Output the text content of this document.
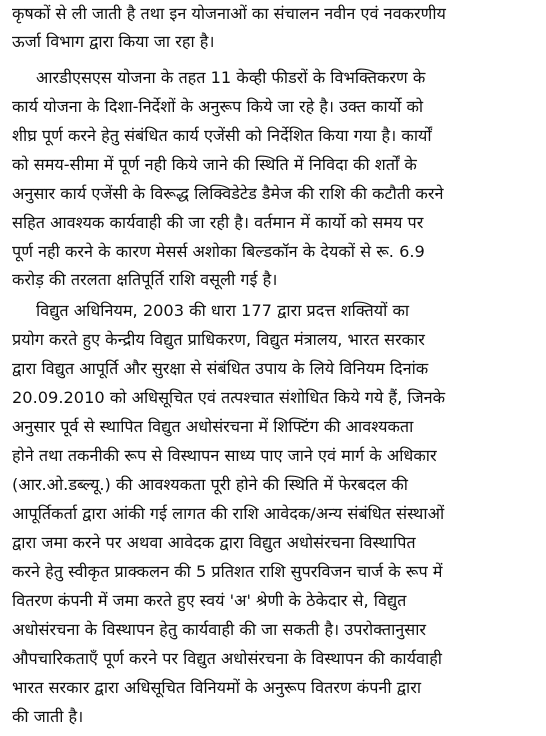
कृषकों से ली जाती है तथा इन योजनाओं का संचालन नवीन एवं नवकरणीय
ऊर्जा विभाग द्वारा किया जा रहा है।
आरडीएसएस योजना के तहत 11 केव्ही फीडरों के विभक्तिकरण के
कार्य योजना के दिशा-निर्देशों के अनुरूप किये जा रहे है। उक्त कार्यो को
शीघ्र पूर्ण करने हेतु संबंधित कार्य एजेंसी को निर्देशित किया गया है। कार्यों
को समय-सीमा में पूर्ण नही किये जाने की स्थिति में निविदा की शर्तों के
अनुसार कार्य एजेंसी के विरूद्ध लिक्विडेटेड डैमेज की राशि की कटौती करने
सहित आवश्यक कार्यवाही की जा रही है। वर्तमान में कार्यो को समय पर
पूर्ण नही करने के कारण मेसर्स अशोका बिल्डकॉन के देयकों से रू. 6.9
करोड़ की तरलता क्षतिपूर्ति राशि वसूली गई है।
विद्युत अधिनियम, 2003 की धारा 177 द्वारा प्रदत्त शक्तियों का
प्रयोग करते हुए केन्द्रीय विद्युत प्राधिकरण, विद्युत मंत्रालय, भारत सरकार
द्वारा विद्युत आपूर्ति और सुरक्षा से संबंधित उपाय के लिये विनियम दिनांक
20.09.2010 को अधिसूचित एवं तत्पश्चात संशोधित किये गये हैं, जिनके
अनुसार पूर्व से स्थापित विद्युत अधोसंरचना में शिफ्टिंग की आवश्यकता
होने तथा तकनीकी रूप से विस्थापन साध्य पाए जाने एवं मार्ग के अधिकार
(आर.ओ.डब्ल्यू.) की आवश्यकता पूरी होने की स्थिति में फेरबदल की
आपूर्तिकर्ता द्वारा आंकी गई लागत की राशि आवेदक/अन्य संबंधित संस्थाओं
द्वारा जमा करने पर अथवा आवेदक द्वारा विद्युत अधोसंरचना विस्थापित
करने हेतु स्वीकृत प्राक्कलन की 5 प्रतिशत राशि सुपरविजन चार्ज के रूप में
वितरण कंपनी में जमा करते हुए स्वयं 'अ' श्रेणी के ठेकेदार से, विद्युत
अधोसंरचना के विस्थापन हेतु कार्यवाही की जा सकती है। उपरोक्तानुसार
औपचारिकताएँ पूर्ण करने पर विद्युत अधोसंरचना के विस्थापन की कार्यवाही
भारत सरकार द्वारा अधिसूचित विनियमों के अनुरूप वितरण कंपनी द्वारा
की जाती है।
